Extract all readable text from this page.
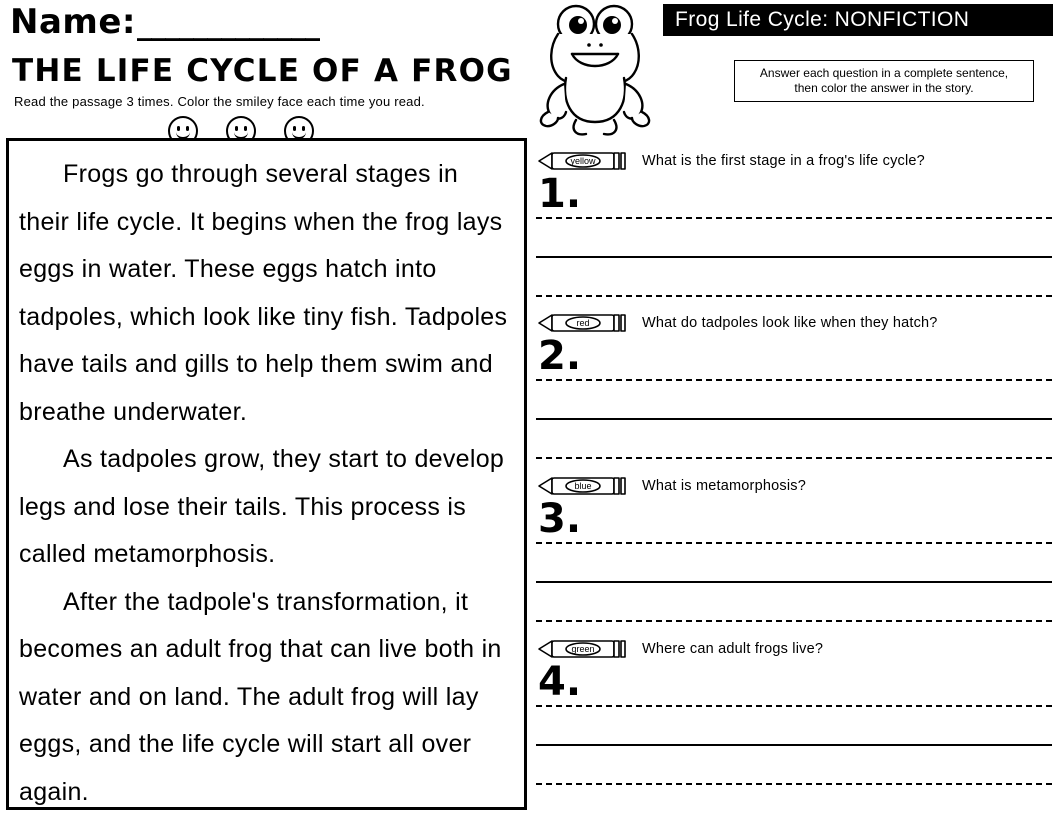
Name: _____________
THE LIFE CYCLE OF A FROG
Read the passage 3 times. Color the smiley face each time you read.

Frogs go through several stages in their life cycle. It begins when the frog lays eggs in water. These eggs hatch into tadpoles, which look like tiny fish. Tadpoles have tails and gills to help them swim and breathe underwater.

As tadpoles grow, they start to develop legs and lose their tails. This process is called metamorphosis.

After the tadpole's transformation, it becomes an adult frog that can live both in water and on land. The adult frog will lay eggs, and the life cycle will start all over again.

Frog Life Cycle: NONFICTION
Answer each question in a complete sentence,
then color the answer in the story.
yellow	What is the first stage in a frog's life cycle?
1.
red	What do tadpoles look like when they hatch?
2.
blue	What is metamorphosis?
3.
green	Where can adult frogs live?
4.
